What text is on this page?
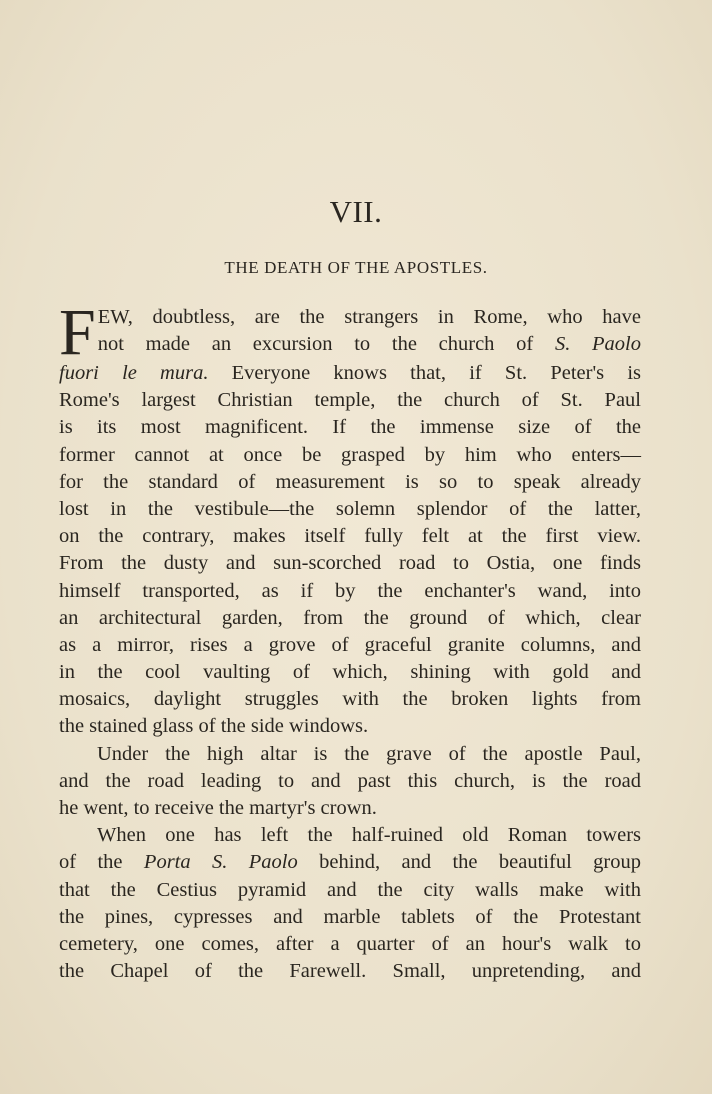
VII.
THE DEATH OF THE APOSTLES.
F EW, doubtless, are the strangers in Rome, who have
not made an excursion to the church of S. Paolo
fuori le mura. Everyone knows that, if St. Peter's is
Rome's largest Christian temple, the church of St. Paul
is its most magnificent. If the immense size of the
former cannot at once be grasped by him who enters—
for the standard of measurement is so to speak already
lost in the vestibule—the solemn splendor of the latter,
on the contrary, makes itself fully felt at the first view.
From the dusty and sun-scorched road to Ostia, one finds
himself transported, as if by the enchanter's wand, into
an architectural garden, from the ground of which, clear
as a mirror, rises a grove of graceful granite columns, and
in the cool vaulting of which, shining with gold and
mosaics, daylight struggles with the broken lights from
the stained glass of the side windows.
Under the high altar is the grave of the apostle Paul,
and the road leading to and past this church, is the road
he went, to receive the martyr's crown.
When one has left the half-ruined old Roman towers
of the Porta S. Paolo behind, and the beautiful group
that the Cestius pyramid and the city walls make with
the pines, cypresses and marble tablets of the Protestant
cemetery, one comes, after a quarter of an hour's walk to
the Chapel of the Farewell. Small, unpretending, and
